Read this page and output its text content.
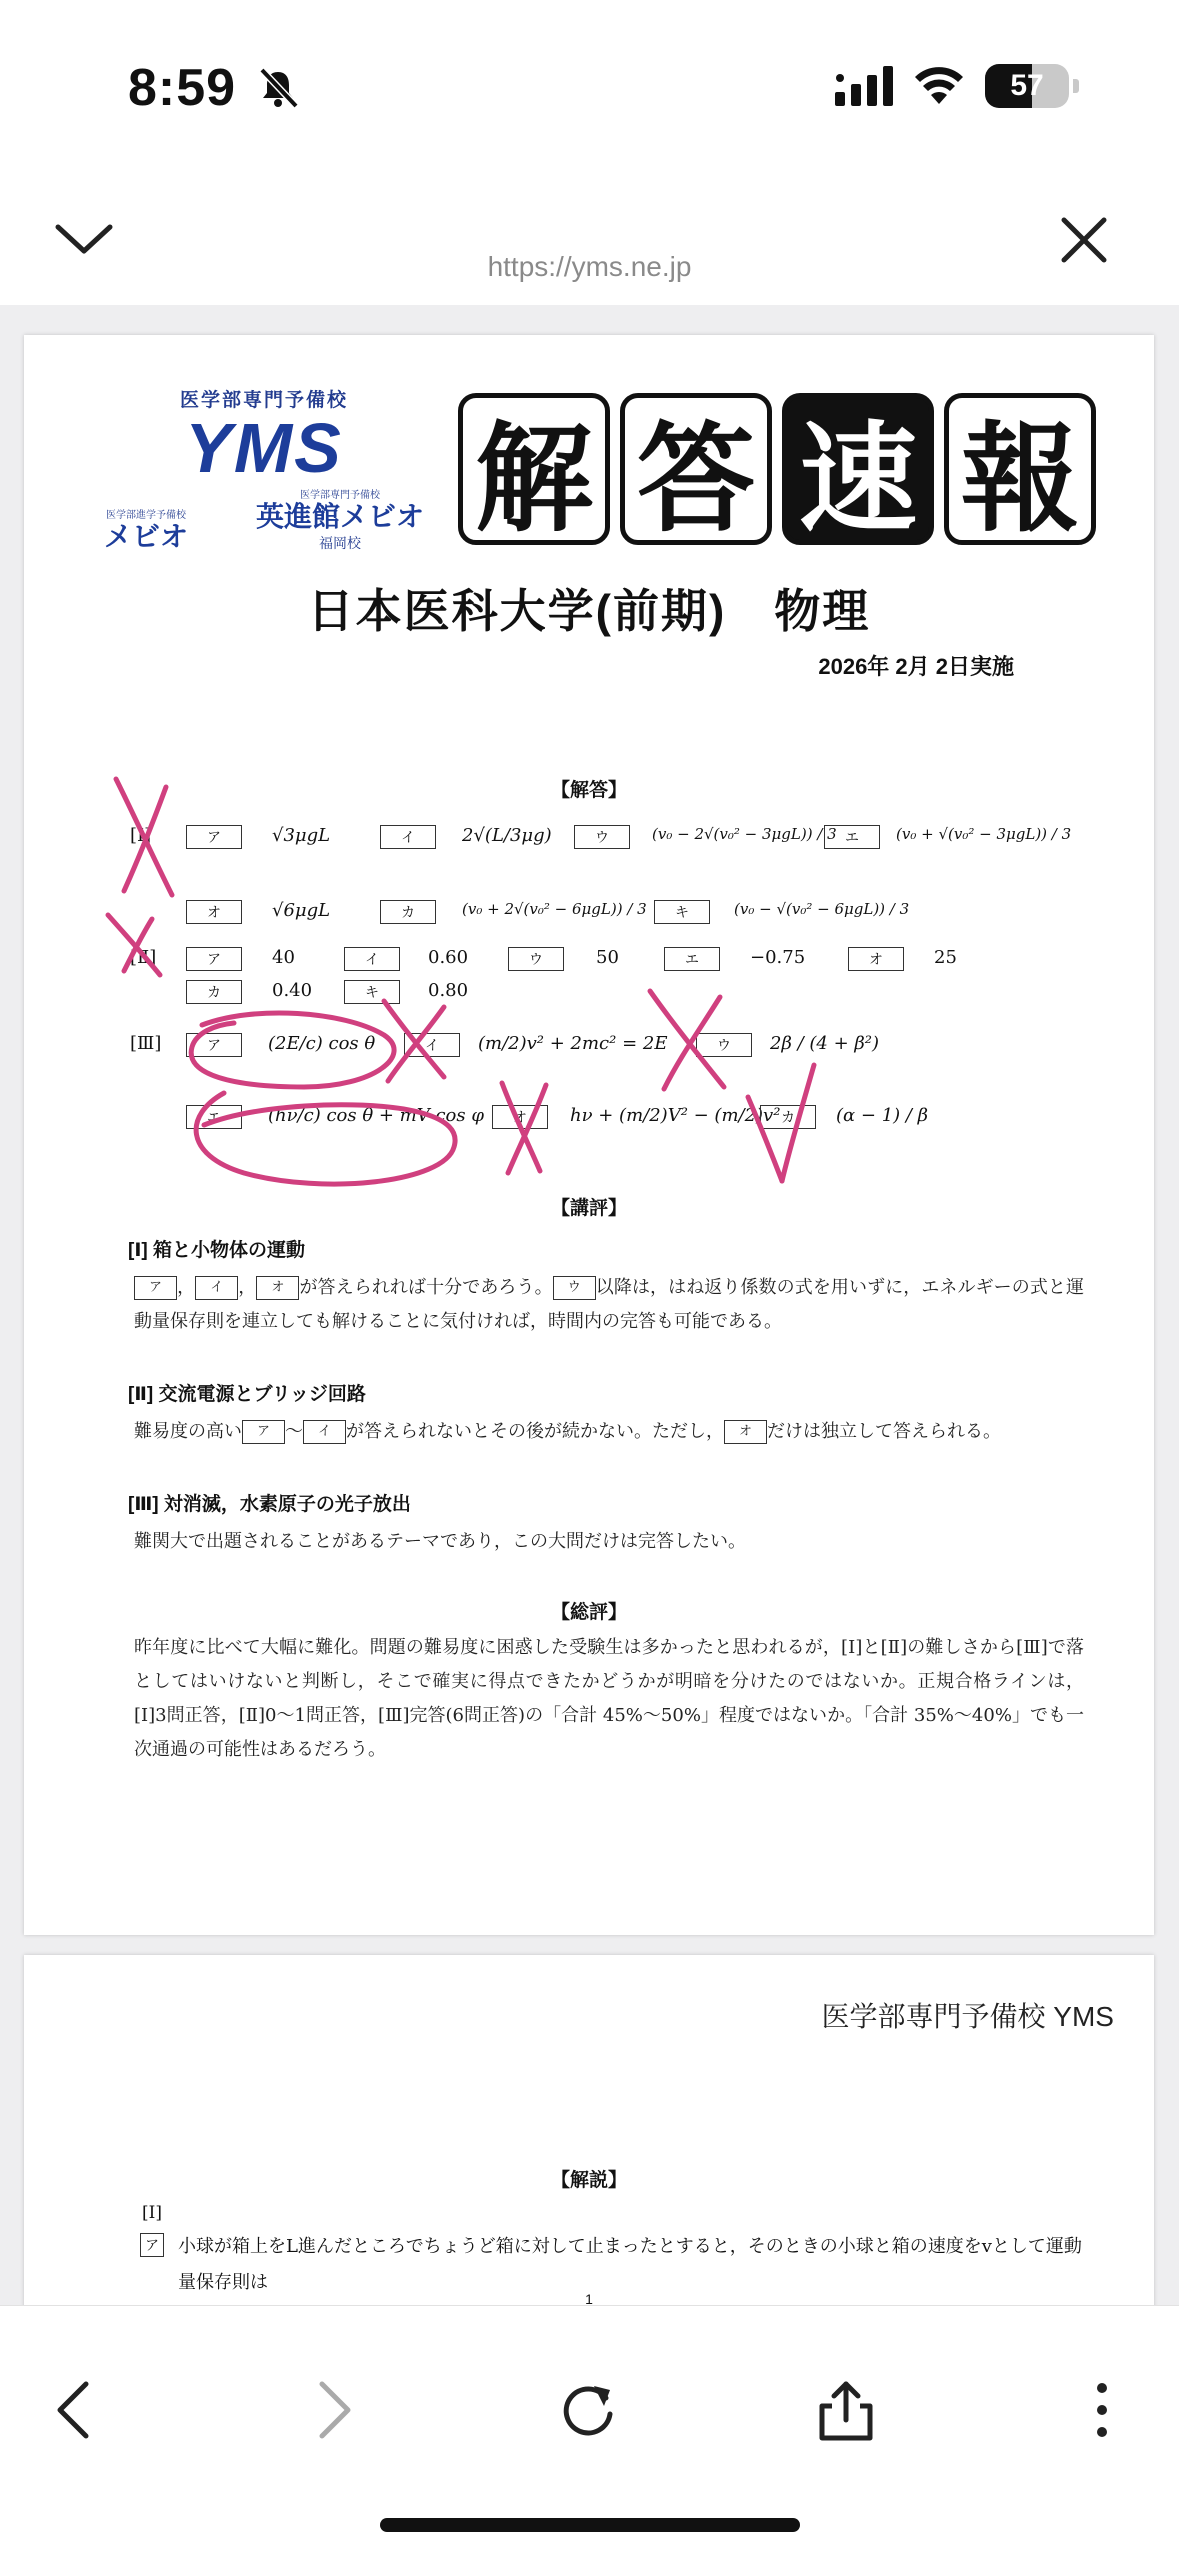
8:59	57
https://yms.ne.jp
医学部専門予備校
YMS
医学部進学予備校
メビオ
医学部専門予備校
英進館メビオ
福岡校 解 答 速 報
日本医科大学(前期)　物理
2026年 2月 2日実施
【解答】
[Ⅰ]	ア	√3μgL	イ	2√(L/3μg)	ウ	(v₀ − 2√(v₀² − 3μgL)) / 3 エ	(v₀ + √(v₀² − 3μgL)) / 3
オ	√6μgL	カ	(v₀ + 2√(v₀² − 6μgL)) / 3	キ	(v₀ − √(v₀² − 6μgL)) / 3
[Ⅱ]	ア	40	イ	0.60	ウ	50	エ	−0.75	オ	25
カ	0.40	キ	0.80
[Ⅲ]	ア	(2E/c) cos θ	イ	(m/2)v² + 2mc² = 2E	ウ	2β / (4 + β²)
エ	(hν/c) cos θ + mV cos φ	オ	hν + (m/2)V² − (m/2)v² カ	(α − 1) / β
【講評】
[Ⅰ] 箱と小物体の運動
ア ， イ ， オ が答えられれば十分であろう。 ウ 以降は，はね返り係数の式を用いずに，エネルギーの式と運動量保存則を連立しても解けることに気付ければ，時間内の完答も可能である。
[Ⅱ] 交流電源とブリッジ回路
難易度の高い ア 〜 イ が答えられないとその後が続かない。ただし， オ だけは独立して答えられる。
[Ⅲ] 対消滅，水素原子の光子放出
難関大で出題されることがあるテーマであり，この大問だけは完答したい。
【総評】
昨年度に比べて大幅に難化。問題の難易度に困惑した受験生は多かったと思われるが，[Ⅰ]と[Ⅱ]の難しさから[Ⅲ]で落としてはいけないと判断し，そこで確実に得点できたかどうかが明暗を分けたのではないか。正規合格ラインは，[Ⅰ]3問正答，[Ⅱ]0〜1問正答，[Ⅲ]完答(6問正答)の「合計 45%〜50%」程度ではないか。「合計 35%〜40%」でも一次通過の可能性はあるだろう。
医学部専門予備校 YMS
【解説】
[Ⅰ]
ア 小球が箱上をL進んだところでちょうど箱に対して止まったとすると，そのときの小球と箱の速度をvとして運動量保存則は
1
